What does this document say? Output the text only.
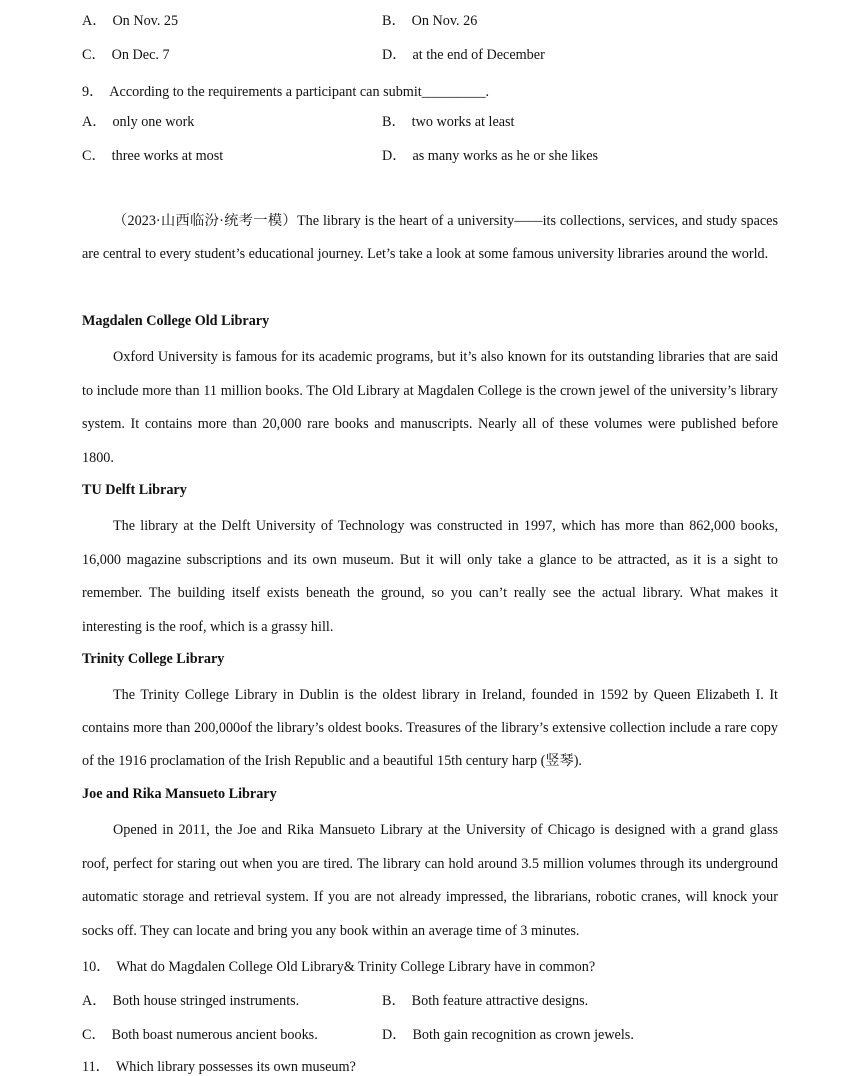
A． On Nov. 25	B． On Nov. 26
C． On Dec. 7	D． at the end of December
9． According to the requirements a participant can submit_________.
A． only one work	B． two works at least
C． three works at most	D． as many works as he or she likes

（2023·山西临汾·统考一模）The library is the heart of a university——its collections, services, and study spaces are central to every student’s educational journey. Let’s take a look at some famous university libraries around the world.

Magdalen College Old Library

Oxford University is famous for its academic programs, but it’s also known for its outstanding libraries that are said to include more than 11 million books. The Old Library at Magdalen College is the crown jewel of the university’s library system. It contains more than 20,000 rare books and manuscripts. Nearly all of these volumes were published before 1800.

TU Delft Library

The library at the Delft University of Technology was constructed in 1997, which has more than 862,000 books, 16,000 magazine subscriptions and its own museum. But it will only take a glance to be attracted, as it is a sight to remember. The building itself exists beneath the ground, so you can’t really see the actual library. What makes it interesting is the roof, which is a grassy hill.

Trinity College Library

The Trinity College Library in Dublin is the oldest library in Ireland, founded in 1592 by Queen Elizabeth I. It contains more than 200,000of the library’s oldest books. Treasures of the library’s extensive collection include a rare copy of the 1916 proclamation of the Irish Republic and a beautiful 15th century harp (竖琴).

Joe and Rika Mansueto Library

Opened in 2011, the Joe and Rika Mansueto Library at the University of Chicago is designed with a grand glass roof, perfect for staring out when you are tired. The library can hold around 3.5 million volumes through its underground automatic storage and retrieval system. If you are not already impressed, the librarians, robotic cranes, will knock your socks off. They can locate and bring you any book within an average time of 3 minutes.

10． What do Magdalen College Old Library& Trinity College Library have in common?
A． Both house stringed instruments.	B． Both feature attractive designs.
C． Both boast numerous ancient books.	D． Both gain recognition as crown jewels.
11． Which library possesses its own museum?
